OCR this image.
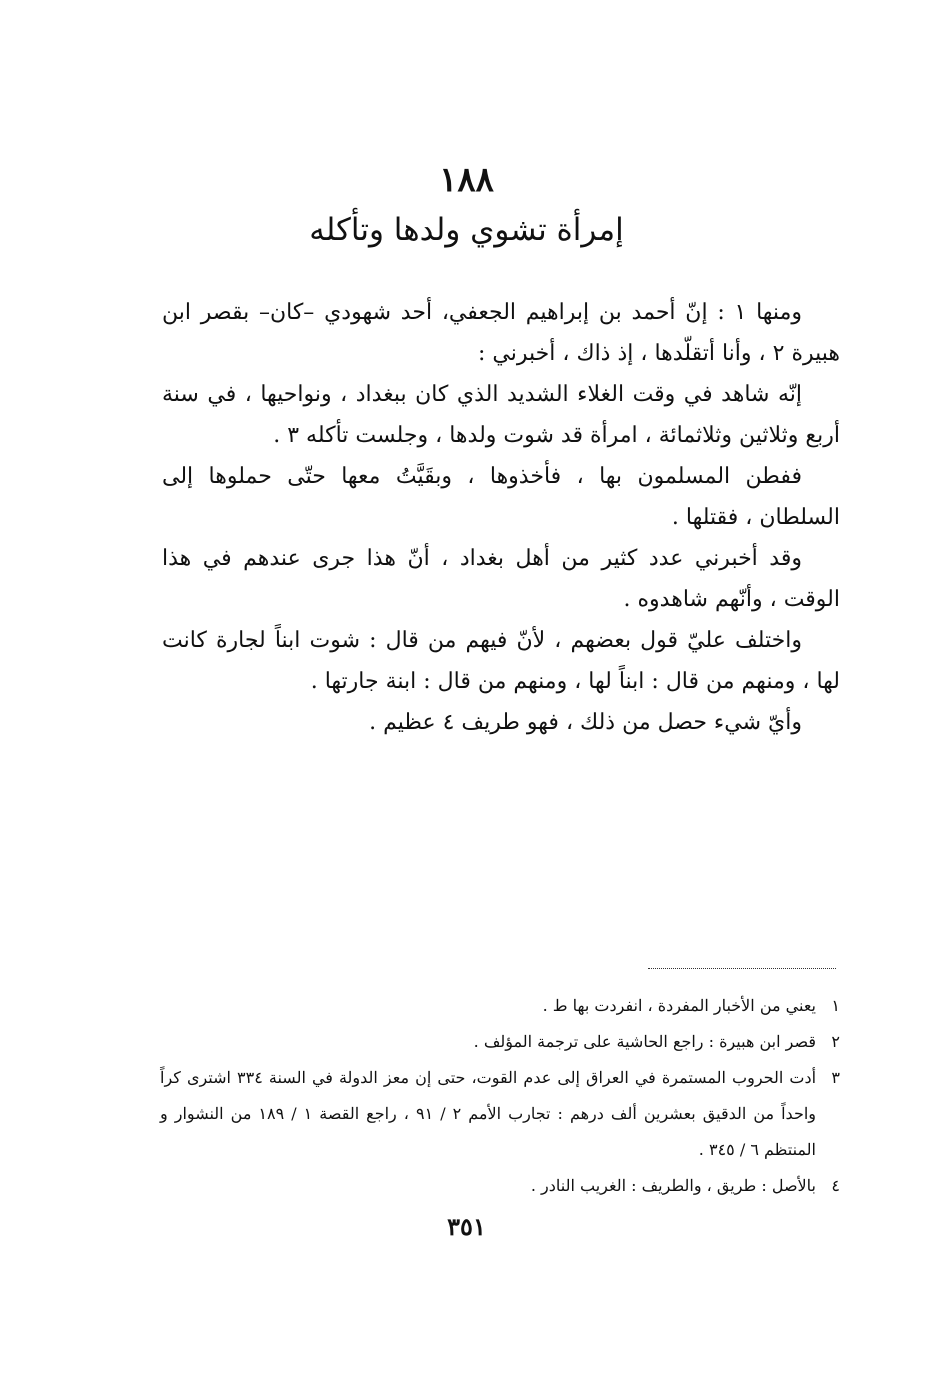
١٨٨
إمرأة تشوي ولدها وتأكله

ومنها ١ : إنّ أحمد بن إبراهيم الجعفي، أحد شهودي –كان– بقصر ابن هبيرة ٢ ، وأنا أتقلّدها ، إذ ذاك ، أخبرني :

إنّه شاهد في وقت الغلاء الشديد الذي كان ببغداد ، ونواحيها ، في سنة أربع وثلاثين وثلاثمائة ، امرأة قد شوت ولدها ، وجلست تأكله ٣ .

ففطن المسلمون بها ، فأخذوها ، وبقَيَّتُ معها حتّى حملوها إلى السلطان ، فقتلها .

وقد أخبرني عدد كثير من أهل بغداد ، أنّ هذا جرى عندهم في هذا الوقت ، وأنّهم شاهدوه .

واختلف عليّ قول بعضهم ، لأنّ فيهم من قال : شوت ابناً لجارة كانت لها ، ومنهم من قال : ابناً لها ، ومنهم من قال : ابنة جارتها .

وأيّ شيء حصل من ذلك ، فهو طريف ٤ عظيم .

١
يعني من الأخبار المفردة ، انفردت بها ط .
٢
قصر ابن هبيرة : راجع الحاشية على ترجمة المؤلف .
٣
أدت الحروب المستمرة في العراق إلى عدم القوت، حتى إن معز الدولة في السنة ٣٣٤ اشترى كراً واحداً من الدقيق بعشرين ألف درهم : تجارب الأمم ٢ / ٩١ ، راجع القصة ١ / ١٨٩ من النشوار و المنتظم ٦ / ٣٤٥ .
٤
بالأصل : طريق ، والطريف : الغريب النادر .
٣٥١
